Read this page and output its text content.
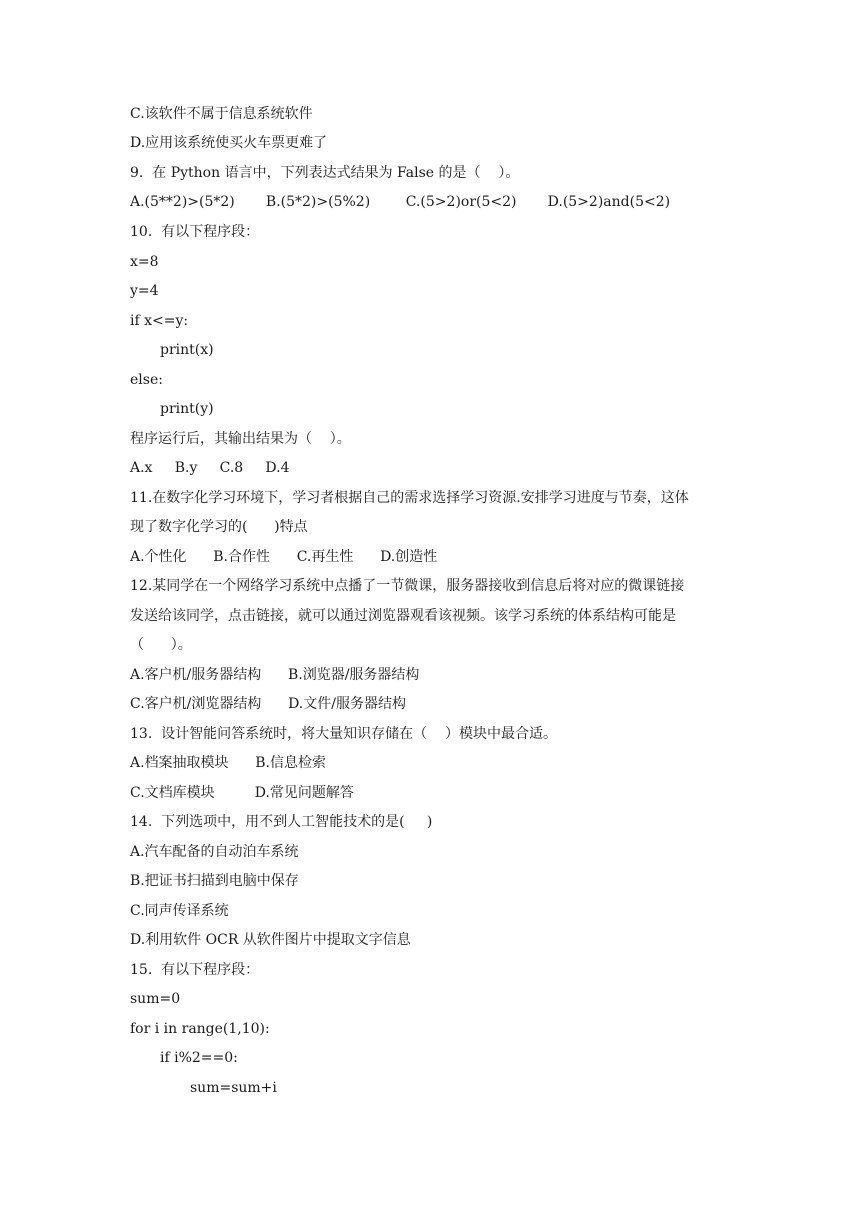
C.该软件不属于信息系统软件
D.应用该系统使买火车票更难了
9.  在 Python 语言中，下列表达式结果为 False 的是（    ）。
A.(5**2)>(5*2)       B.(5*2)>(5%2)        C.(5>2)or(5<2)       D.(5>2)and(5<2)
10.  有以下程序段：
x=8
y=4
if x<=y:
print(x)
else:
print(y)
程序运行后，其输出结果为（    ）。
A.x     B.y     C.8     D.4
11.在数字化学习环境下，学习者根据自己的需求选择学习资源.安排学习进度与节奏，这体
现了数字化学习的(      )特点
A.个性化      B.合作性      C.再生性      D.创造性
12.某同学在一个网络学习系统中点播了一节微课，服务器接收到信息后将对应的微课链接
发送给该同学，点击链接，就可以通过浏览器观看该视频。该学习系统的体系结构可能是
（      ）。
A.客户机/服务器结构      B.浏览器/服务器结构
C.客户机/浏览器结构      D.文件/服务器结构
13.  设计智能问答系统时，将大量知识存储在（    ）模块中最合适。
A.档案抽取模块      B.信息检索
C.文档库模块         D.常见问题解答
14.  下列选项中，用不到人工智能技术的是(     )
A.汽车配备的自动泊车系统
B.把证书扫描到电脑中保存
C.同声传译系统
D.利用软件 OCR 从软件图片中提取文字信息
15.  有以下程序段：
sum=0
for i in range(1,10):
if i%2==0:
sum=sum+i
